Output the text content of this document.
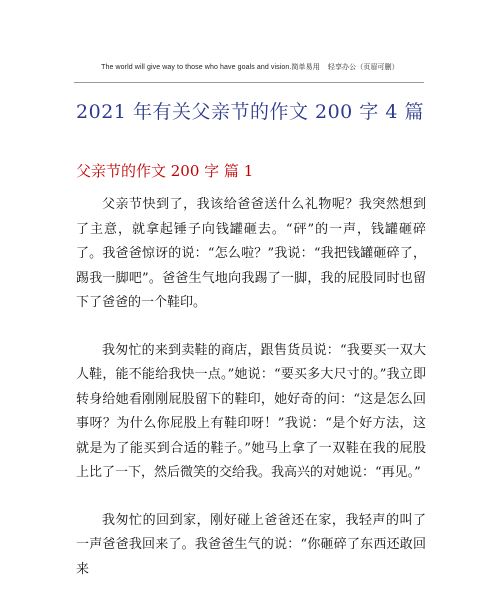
The world will give way to those who have goals and vision.简单易用 轻享办公（页眉可删）
2021 年有关父亲节的作文 200 字 4 篇
父亲节的作文 200 字 篇 1

父亲节快到了，我该给爸爸送什么礼物呢？我突然想到了主意，就拿起锤子向钱罐砸去。“砰”的一声，钱罐砸碎了。我爸爸惊讶的说：“怎么啦？”我说：“我把钱罐砸碎了，踢我一脚吧”。爸爸生气地向我踢了一脚，我的屁股同时也留下了爸爸的一个鞋印。

我匆忙的来到卖鞋的商店，跟售货员说：“我要买一双大人鞋，能不能给我快一点。”她说：“要买多大尺寸的。”我立即转身给她看刚刚屁股留下的鞋印，她好奇的问：“这是怎么回事呀？为什么你屁股上有鞋印呀！”我说：“是个好方法，这就是为了能买到合适的鞋子。”她马上拿了一双鞋在我的屁股上比了一下，然后微笑的交给我。我高兴的对她说：“再见。”

我匆忙的回到家，刚好碰上爸爸还在家，我轻声的叫了一声爸爸我回来了。我爸爸生气的说：“你砸碎了东西还敢回来
